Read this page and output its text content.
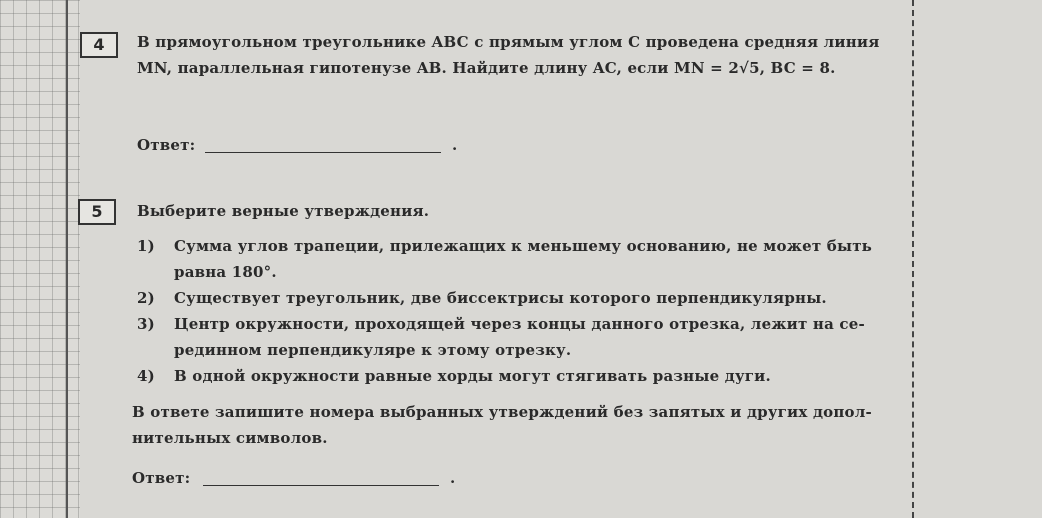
4	В прямоугольном треугольнике ABC с прямым углом C проведена средняя линия
MN, параллельная гипотенузе AB. Найдите длину AC, если MN = 2√5, BC = 8.
Ответ:	.
5	Выберите верные утверждения.
1) Сумма углов трапеции, прилежащих к меньшему основанию, не может быть
равна 180°.
2) Существует треугольник, две биссектрисы которого перпендикулярны.
3) Центр окружности, проходящей через концы данного отрезка, лежит на се-
рединном перпендикуляре к этому отрезку.
4) В одной окружности равные хорды могут стягивать разные дуги.
В ответе запишите номера выбранных утверждений без запятых и других допол-
нительных символов.
Ответ:	.
